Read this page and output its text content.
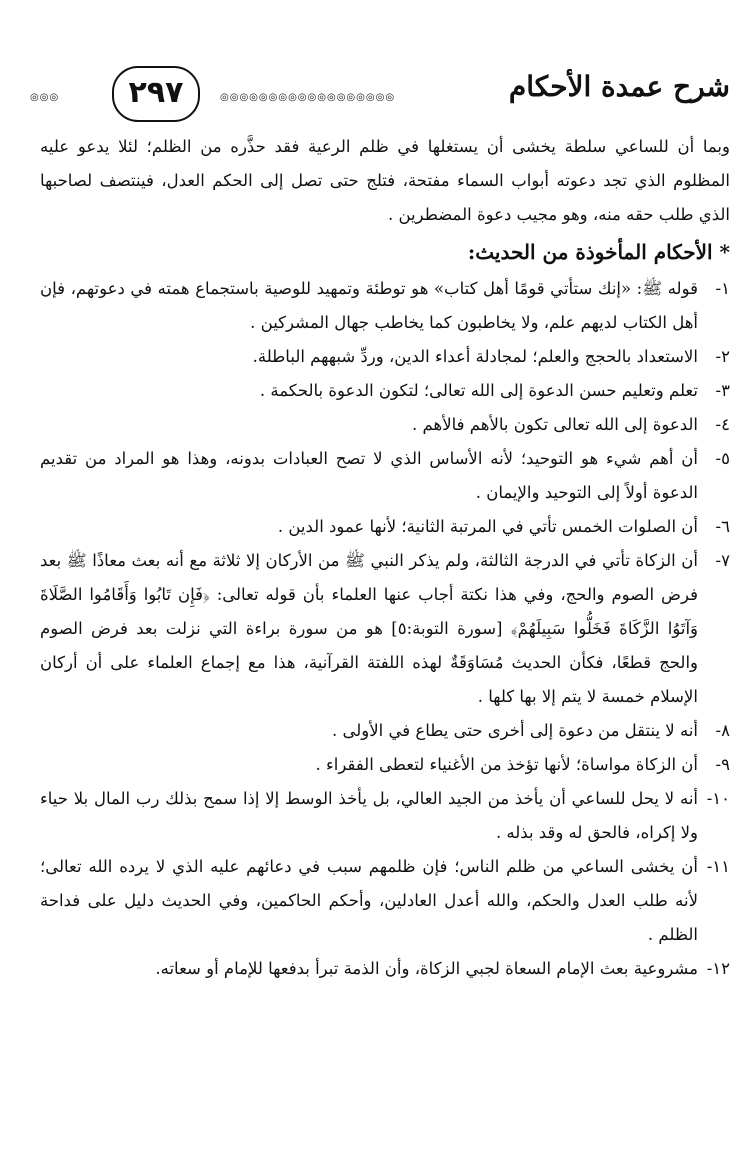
شرح عمدة الأحكام
◎◎◎◎◎◎◎◎◎◎◎◎◎◎◎◎◎◎
٢٩٧
◎◎◎

وبما أن للساعي سلطة يخشى أن يستغلها في ظلم الرعية فقد حذَّره من الظلم؛ لئلا يدعو عليه المظلوم الذي تجد دعوته أبواب السماء مفتحة، فتلج حتى تصل إلى الحكم العدل، فينتصف لصاحبها الذي طلب حقه منه، وهو مجيب دعوة المضطرين .

* الأحكام المأخوذة من الحديث:
١-
قوله ﷺ: «إنك ستأتي قومًا أهل كتاب» هو توطئة وتمهيد للوصية باستجماع همته في دعوتهم، فإن أهل الكتاب لديهم علم، ولا يخاطبون كما يخاطب جهال المشركين .
٢-
الاستعداد بالحجج والعلم؛ لمجادلة أعداء الدين، وردِّ شبههم الباطلة.
٣-
تعلم وتعليم حسن الدعوة إلى الله تعالى؛ لتكون الدعوة بالحكمة .
٤-
الدعوة إلى الله تعالى تكون بالأهم فالأهم .
٥-
أن أهم شيء هو التوحيد؛ لأنه الأساس الذي لا تصح العبادات بدونه، وهذا هو المراد من تقديم الدعوة أولاً إلى التوحيد والإيمان .
٦-
أن الصلوات الخمس تأتي في المرتبة الثانية؛ لأنها عمود الدين .
٧-
أن الزكاة تأتي في الدرجة الثالثة، ولم يذكر النبي ﷺ من الأركان إلا ثلاثة مع أنه بعث معاذًا ﷺ بعد فرض الصوم والحج، وفي هذا نكتة أجاب عنها العلماء بأن قوله تعالى: ﴿فَإِن تَابُوا وَأَقَامُوا الصَّلَاةَ وَآتَوُا الزَّكَاةَ فَخَلُّوا سَبِيلَهُمْ﴾ [سورة التوبة:٥] هو من سورة براءة التي نزلت بعد فرض الصوم والحج قطعًا، فكأن الحديث مُسَاوَقَةٌ لهذه اللفتة القرآنية، هذا مع إجماع العلماء على أن أركان الإسلام خمسة لا يتم إلا بها كلها .
٨-
أنه لا ينتقل من دعوة إلى أخرى حتى يطاع في الأولى .
٩-
أن الزكاة مواساة؛ لأنها تؤخذ من الأغنياء لتعطى الفقراء .
١٠-
أنه لا يحل للساعي أن يأخذ من الجيد العالي، بل يأخذ الوسط إلا إذا سمح بذلك رب المال بلا حياء ولا إكراه، فالحق له وقد بذله .
١١-
أن يخشى الساعي من ظلم الناس؛ فإن ظلمهم سبب في دعائهم عليه الذي لا يرده الله تعالى؛ لأنه طلب العدل والحكم، والله أعدل العادلين، وأحكم الحاكمين، وفي الحديث دليل على فداحة الظلم .
١٢-
مشروعية بعث الإمام السعاة لجبي الزكاة، وأن الذمة تبرأ بدفعها للإمام أو سعاته.
